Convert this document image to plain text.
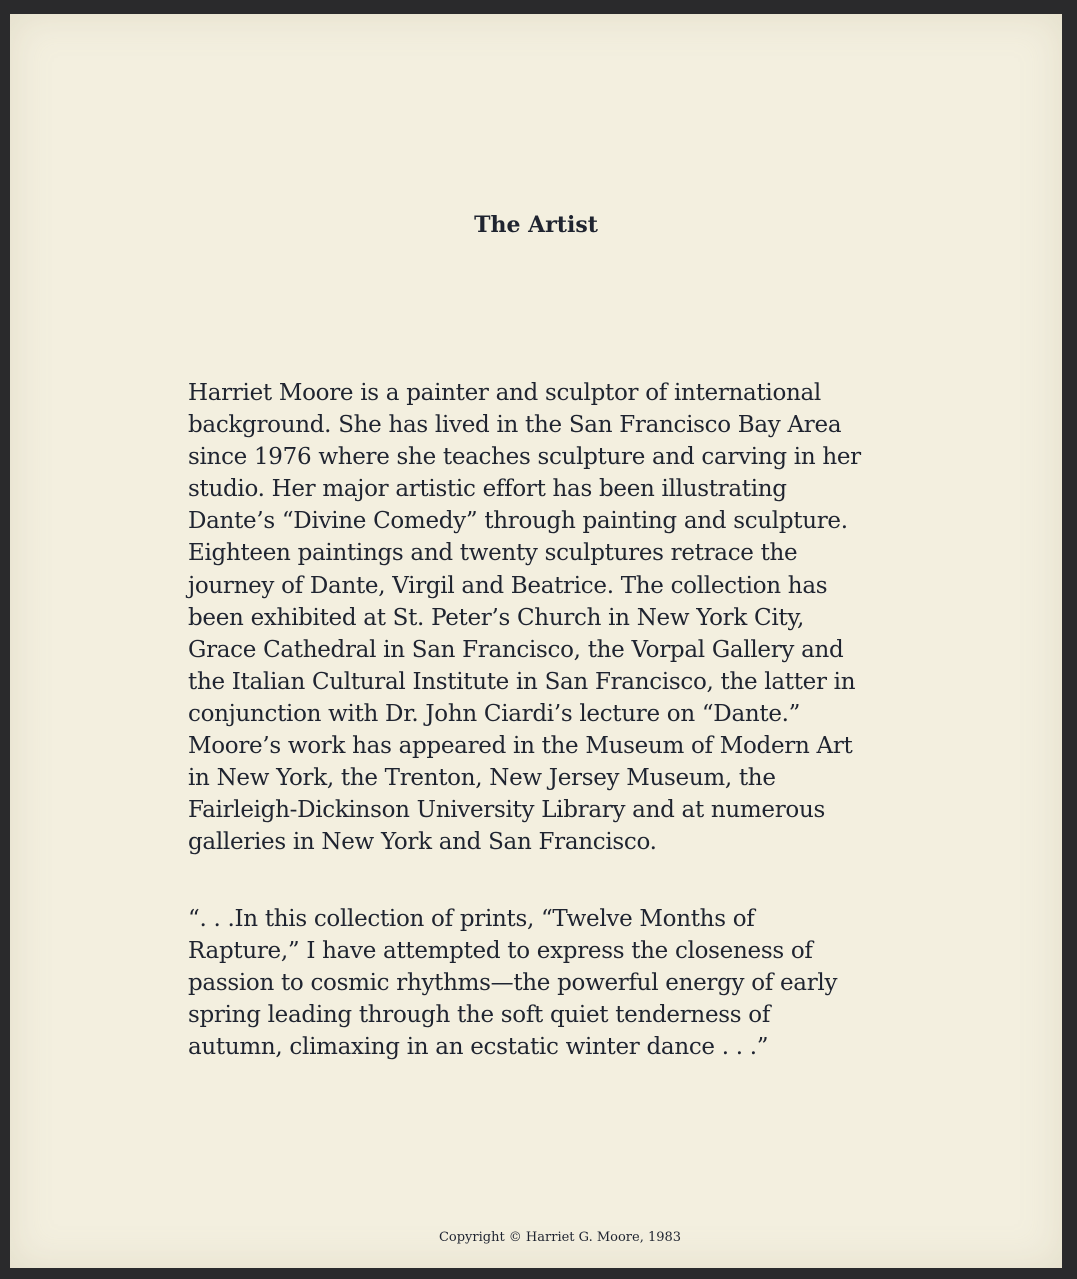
The Artist

Harriet Moore is a painter and sculptor of international
background. She has lived in the San Francisco Bay Area
since 1976 where she teaches sculpture and carving in her
studio. Her major artistic effort has been illustrating
Dante’s “Divine Comedy” through painting and sculpture.
Eighteen paintings and twenty sculptures retrace the
journey of Dante, Virgil and Beatrice. The collection has
been exhibited at St. Peter’s Church in New York City,
Grace Cathedral in San Francisco, the Vorpal Gallery and
the Italian Cultural Institute in San Francisco, the latter in
conjunction with Dr. John Ciardi’s lecture on “Dante.”
Moore’s work has appeared in the Museum of Modern Art
in New York, the Trenton, New Jersey Museum, the
Fairleigh-Dickinson University Library and at numerous
galleries in New York and San Francisco.

“. . .In this collection of prints, “Twelve Months of
Rapture,” I have attempted to express the closeness of
passion to cosmic rhythms—the powerful energy of early
spring leading through the soft quiet tenderness of
autumn, climaxing in an ecstatic winter dance . . .”

Copyright © Harriet G. Moore, 1983
